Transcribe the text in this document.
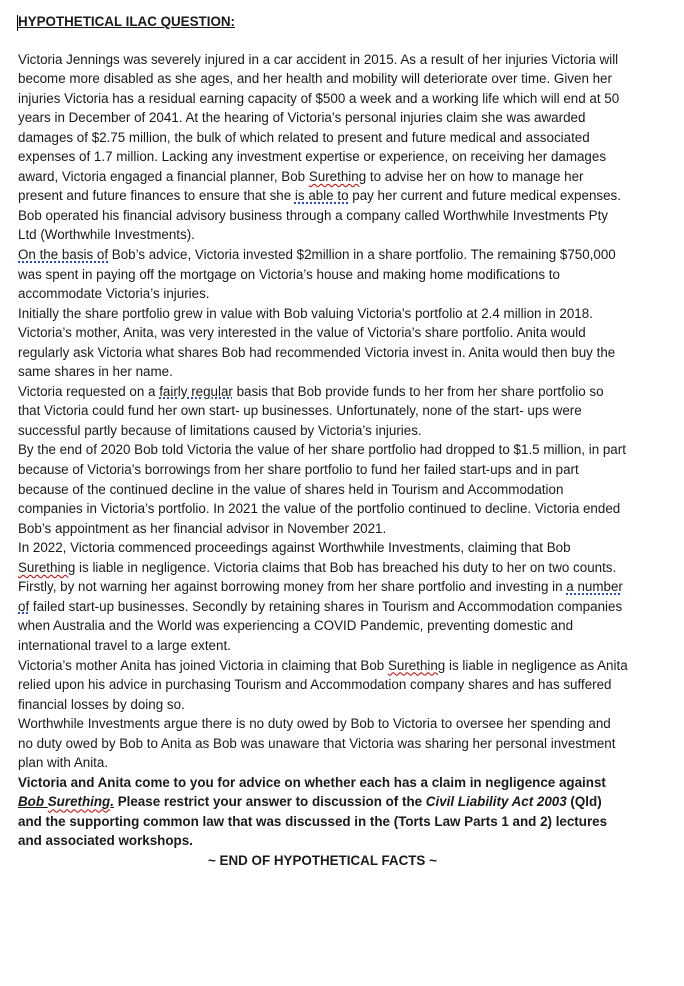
HYPOTHETICAL ILAC QUESTION:

Victoria Jennings was severely injured in a car accident in 2015. As a result of her injuries Victoria will become more disabled as she ages, and her health and mobility will deteriorate over time. Given her injuries Victoria has a residual earning capacity of $500 a week and a working life which will end at 50 years in December of 2041. At the hearing of Victoria’s personal injuries claim she was awarded damages of $2.75 million, the bulk of which related to present and future medical and associated expenses of 1.7 million. Lacking any investment expertise or experience, on receiving her damages award, Victoria engaged a financial planner, Bob Surething to advise her on how to manage her present and future finances to ensure that she is able to pay her current and future medical expenses. Bob operated his financial advisory business through a company called Worthwhile Investments Pty Ltd (Worthwhile Investments).

On the basis of Bob’s advice, Victoria invested $2million in a share portfolio. The remaining $750,000 was spent in paying off the mortgage on Victoria’s house and making home modifications to accommodate Victoria’s injuries.

Initially the share portfolio grew in value with Bob valuing Victoria’s portfolio at 2.4 million in 2018.

Victoria’s mother, Anita, was very interested in the value of Victoria’s share portfolio. Anita would regularly ask Victoria what shares Bob had recommended Victoria invest in. Anita would then buy the same shares in her name.

Victoria requested on a fairly regular basis that Bob provide funds to her from her share portfolio so that Victoria could fund her own start- up businesses. Unfortunately, none of the start- ups were successful partly because of limitations caused by Victoria’s injuries.

By the end of 2020 Bob told Victoria the value of her share portfolio had dropped to $1.5 million, in part because of Victoria’s borrowings from her share portfolio to fund her failed start-ups and in part because of the continued decline in the value of shares held in Tourism and Accommodation companies in Victoria’s portfolio. In 2021 the value of the portfolio continued to decline. Victoria ended Bob’s appointment as her financial advisor in November 2021.

In 2022, Victoria commenced proceedings against Worthwhile Investments, claiming that Bob Surething is liable in negligence. Victoria claims that Bob has breached his duty to her on two counts. Firstly, by not warning her against borrowing money from her share portfolio and investing in a number of failed start-up businesses. Secondly by retaining shares in Tourism and Accommodation companies when Australia and the World was experiencing a COVID Pandemic, preventing domestic and international travel to a large extent.

Victoria’s mother Anita has joined Victoria in claiming that Bob Surething is liable in negligence as Anita relied upon his advice in purchasing Tourism and Accommodation company shares and has suffered financial losses by doing so.

Worthwhile Investments argue there is no duty owed by Bob to Victoria to oversee her spending and no duty owed by Bob to Anita as Bob was unaware that Victoria was sharing her personal investment plan with Anita.

Victoria and Anita come to you for advice on whether each has a claim in negligence against Bob Surething. Please restrict your answer to discussion of the Civil Liability Act 2003 (Qld) and the supporting common law that was discussed in the (Torts Law Parts 1 and 2) lectures and associated workshops.

~ END OF HYPOTHETICAL FACTS ~
